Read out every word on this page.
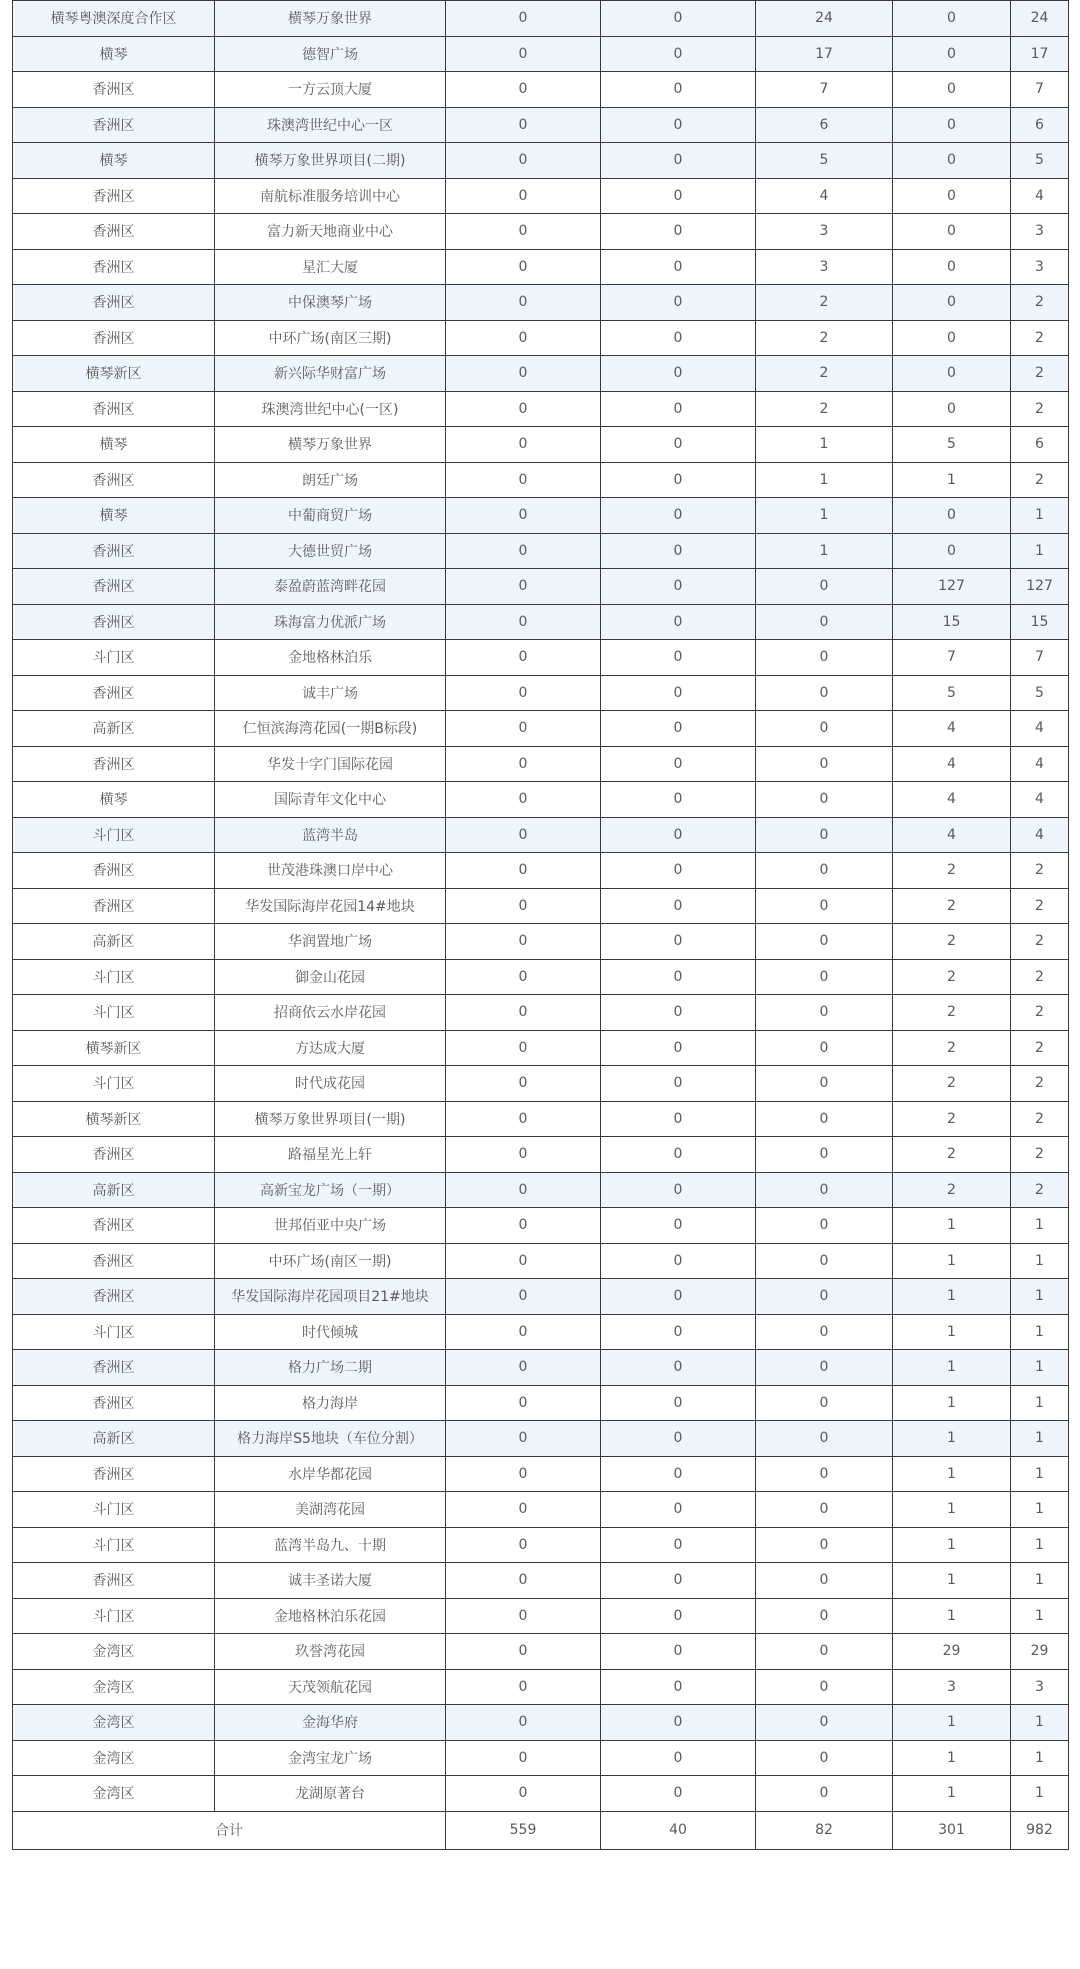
横琴粤澳深度合作区	横琴万象世界	0	0	24	0	24
横琴	德智广场	0	0	17	0	17
香洲区	一方云顶大厦	0	0	7	0	7
香洲区	珠澳湾世纪中心一区	0	0	6	0	6
横琴	横琴万象世界项目(二期)	0	0	5	0	5
香洲区	南航标准服务培训中心	0	0	4	0	4
香洲区	富力新天地商业中心	0	0	3	0	3
香洲区	星汇大厦	0	0	3	0	3
香洲区	中保澳琴广场	0	0	2	0	2
香洲区	中环广场(南区三期)	0	0	2	0	2
横琴新区	新兴际华财富广场	0	0	2	0	2
香洲区	珠澳湾世纪中心(一区)	0	0	2	0	2
横琴	横琴万象世界	0	0	1	5	6
香洲区	朗廷广场	0	0	1	1	2
横琴	中葡商贸广场	0	0	1	0	1
香洲区	大德世贸广场	0	0	1	0	1
香洲区	泰盈蔚蓝湾畔花园	0	0	0	127	127
香洲区	珠海富力优派广场	0	0	0	15	15
斗门区	金地格林泊乐	0	0	0	7	7
香洲区	诚丰广场	0	0	0	5	5
高新区	仁恒滨海湾花园(一期B标段)	0	0	0	4	4
香洲区	华发十字门国际花园	0	0	0	4	4
横琴	国际青年文化中心	0	0	0	4	4
斗门区	蓝湾半岛	0	0	0	4	4
香洲区	世茂港珠澳口岸中心	0	0	0	2	2
香洲区	华发国际海岸花园14#地块	0	0	0	2	2
高新区	华润置地广场	0	0	0	2	2
斗门区	御金山花园	0	0	0	2	2
斗门区	招商依云水岸花园	0	0	0	2	2
横琴新区	方达成大厦	0	0	0	2	2
斗门区	时代成花园	0	0	0	2	2
横琴新区	横琴万象世界项目(一期)	0	0	0	2	2
香洲区	路福星光上轩	0	0	0	2	2
高新区	高新宝龙广场（一期）	0	0	0	2	2
香洲区	世邦佰亚中央广场	0	0	0	1	1
香洲区	中环广场(南区一期)	0	0	0	1	1
香洲区	华发国际海岸花园项目21#地块	0	0	0	1	1
斗门区	时代倾城	0	0	0	1	1
香洲区	格力广场二期	0	0	0	1	1
香洲区	格力海岸	0	0	0	1	1
高新区	格力海岸S5地块（车位分割）	0	0	0	1	1
香洲区	水岸华都花园	0	0	0	1	1
斗门区	美湖湾花园	0	0	0	1	1
斗门区	蓝湾半岛九、十期	0	0	0	1	1
香洲区	诚丰圣诺大厦	0	0	0	1	1
斗门区	金地格林泊乐花园	0	0	0	1	1
金湾区	玖誉湾花园	0	0	0	29	29
金湾区	天茂领航花园	0	0	0	3	3
金湾区	金海华府	0	0	0	1	1
金湾区	金湾宝龙广场	0	0	0	1	1
金湾区	龙湖原著台	0	0	0	1	1
合计		559	40	82	301	982
